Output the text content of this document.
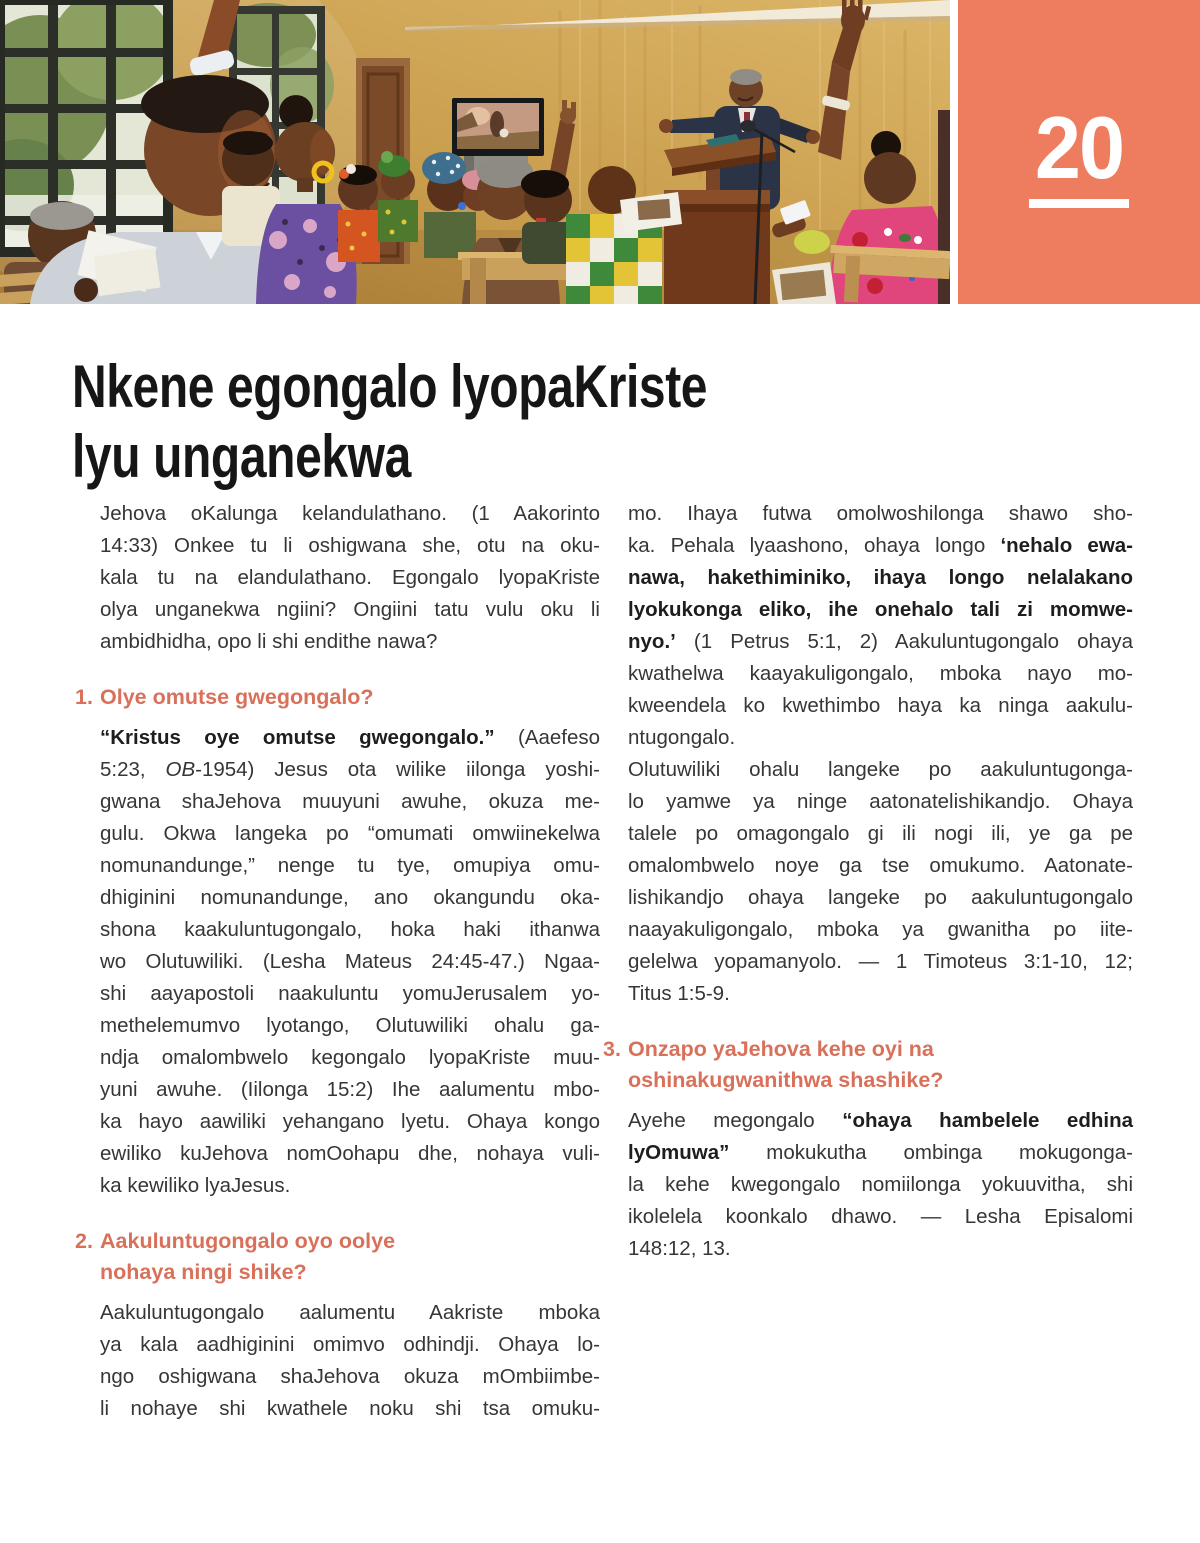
20
Nkene egongalo lyopaKriste
lyu unganekwa
Jehova oKalunga kelandulathano. (1 Aakorinto
14:33) Onkee tu li oshigwana she, otu na oku-
kala tu na elandulathano. Egongalo lyopaKriste
olya unganekwa ngiini? Ongiini tatu vulu oku li
ambidhidha, opo li shi endithe nawa?
1. Olye omutse gwegongalo?
“Kristus oye omutse gwegongalo.” (Aaefeso
5:23, OB-1954) Jesus ota wilike iilonga yoshi-
gwana shaJehova muuyuni awuhe, okuza me-
gulu. Okwa langeka po “omumati omwiinekelwa
nomunandunge,” nenge tu tye, omupiya omu-
dhiginini nomunandunge, ano okangundu oka-
shona kaakuluntugongalo, hoka haki ithanwa
wo Olutuwiliki. (Lesha Mateus 24:45-47.) Ngaa-
shi aayapostoli naakuluntu yomuJerusalem yo-
methelemumvo lyotango, Olutuwiliki ohalu ga-
ndja omalombwelo kegongalo lyopaKriste muu-
yuni awuhe. (Iilonga 15:2) Ihe aalumentu mbo-
ka hayo aawiliki yehangano lyetu. Ohaya kongo
ewiliko kuJehova nomOohapu dhe, nohaya vuli-
ka kewiliko lyaJesus.
2. Aakuluntugongalo oyo oolye
nohaya ningi shike?
Aakuluntugongalo aalumentu Aakriste mboka
ya kala aadhiginini omimvo odhindji. Ohaya lo-
ngo oshigwana shaJehova okuza mOmbiimbe-
li nohaye shi kwathele noku shi tsa omuku-
mo. Ihaya futwa omolwoshilonga shawo sho-
ka. Pehala lyaashono, ohaya longo ‘nehalo ewa-
nawa, hakethiminiko, ihaya longo nelalakano
lyokukonga eliko, ihe onehalo tali zi momwe-
nyo.’ (1 Petrus 5:1, 2) Aakuluntugongalo ohaya
kwathelwa kaayakuligongalo, mboka nayo mo-
kweendela ko kwethimbo haya ka ninga aakulu-
ntugongalo.
Olutuwiliki ohalu langeke po aakuluntugonga-
lo yamwe ya ninge aatonatelishikandjo. Ohaya
talele po omagongalo gi ili nogi ili, ye ga pe
omalombwelo noye ga tse omukumo. Aatonate-
lishikandjo ohaya langeke po aakuluntugongalo
naayakuligongalo, mboka ya gwanitha po iite-
gelelwa yopamanyolo. — 1 Timoteus 3:1-10, 12;
Titus 1:5-9.
3. Onzapo yaJehova kehe oyi na
oshinakugwanithwa shashike?
Ayehe megongalo “ohaya hambelele edhina
lyOmuwa” mokukutha ombinga mokugonga-
la kehe kwegongalo nomiilonga yokuuvitha, shi
ikolelela koonkalo dhawo. — Lesha Episalomi
148:12, 13.
